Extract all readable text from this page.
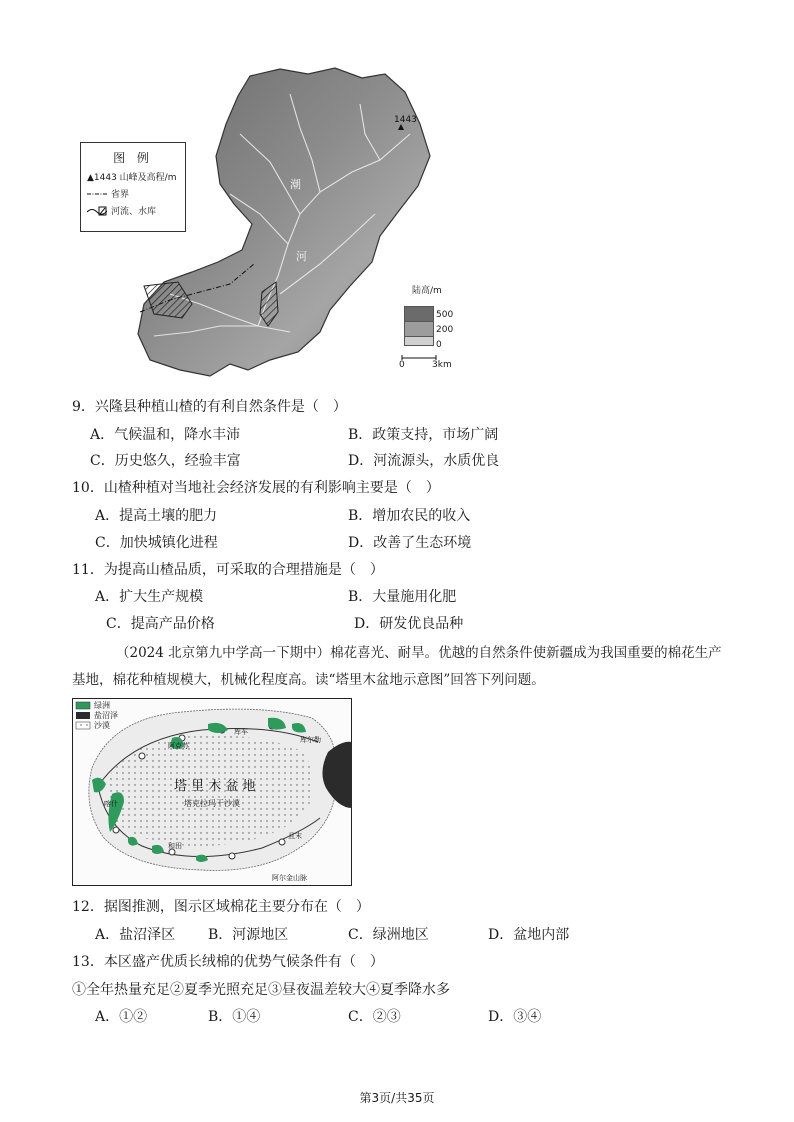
1443
潮
河
图 例
▲1443 山峰及高程/m
省界
河流、水库
陆高/m
500
200
0
0	3km
9．兴隆县种植山楂的有利自然条件是（　）
A．气候温和，降水丰沛	B．政策支持，市场广阔
C．历史悠久，经验丰富	D．河流源头，水质优良
10．山楂种植对当地社会经济发展的有利影响主要是（　）
A．提高土壤的肥力	B．增加农民的收入
C．加快城镇化进程	D．改善了生态环境
11．为提高山楂品质，可采取的合理措施是（　）
A．扩大生产规模	B．大量施用化肥
C．提高产品价格	D．研发优良品种
（2024 北京第九中学高一下期中）棉花喜光、耐旱。优越的自然条件使新疆成为我国重要的棉花生产基地，棉花种植规模大，机械化程度高。读“塔里木盆地示意图”回答下列问题。
塔 里 木 盆 地
塔克拉玛干沙漠
阿克苏
库车
库尔勒
喀什
和田
且末
阿尔金山脉
绿洲
盐沼泽
沙漠
12．据图推测，图示区域棉花主要分布在（　）
A．盐沼泽区 B．河源地区	C．绿洲地区	D．盆地内部
13．本区盛产优质长绒棉的优势气候条件有（　）
①全年热量充足②夏季光照充足③昼夜温差较大④夏季降水多
A．①②	B．①④	C．②③	D．③④
第3页/共35页
